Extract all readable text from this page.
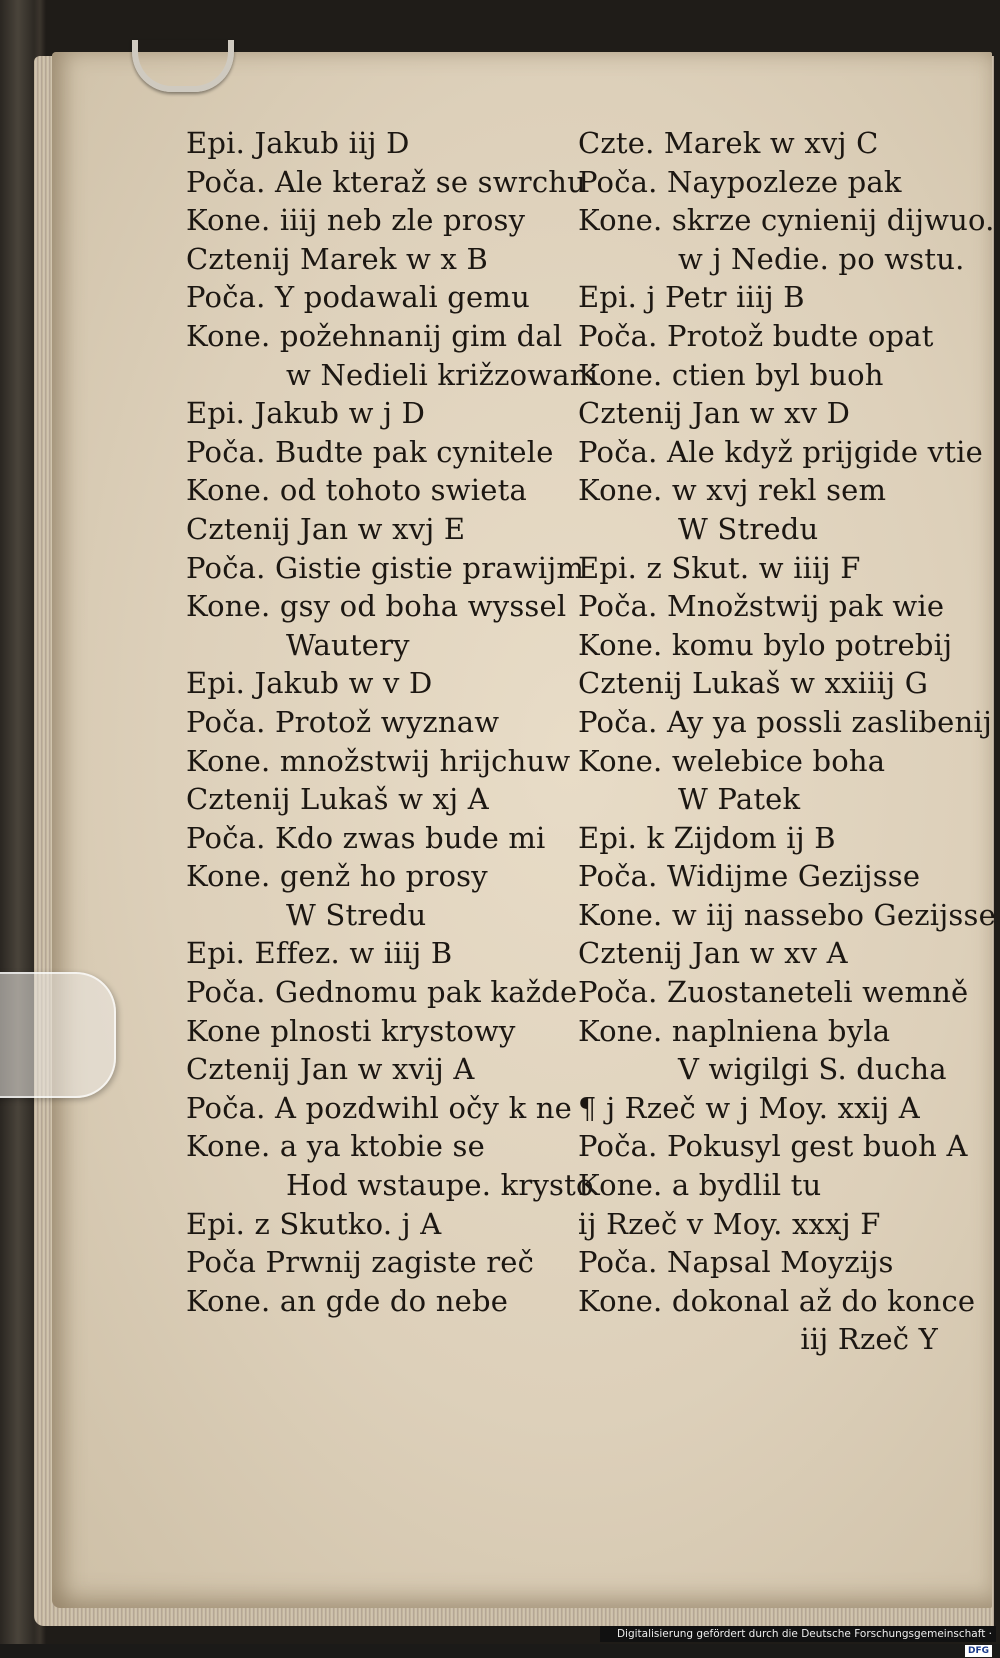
Epi. Jakub iij D
Poča. Ale kteraž se swrchu
Kone. iiij neb zle prosy
Cztenij Marek w x B
Poča. Y podawali gemu
Kone. požehnanij gim dal
w Nedieli križzowani
Epi. Jakub w j D
Poča. Budte pak cynitele
Kone. od tohoto swieta
Cztenij Jan w xvj E
Poča. Gistie gistie prawijm
Kone. gsy od boha wyssel
Wautery
Epi. Jakub w v D
Poča. Protož wyznaw
Kone. množstwij hrijchuw
Cztenij Lukaš w xj A
Poča. Kdo zwas bude mi
Kone. genž ho prosy
W Stredu
Epi. Effez. w iiij B
Poča. Gednomu pak každe
Kone plnosti krystowy
Cztenij Jan w xvij A
Poča. A pozdwihl očy k ne
Kone. a ya ktobie se
Hod wstaupe. krysto
Epi. z Skutko. j A
Poča Prwnij zagiste reč
Kone. an gde do nebe
Czte. Marek w xvj C
Poča. Naypozleze pak
Kone. skrze cynienij dijwuo.
w j Nedie. po wstu.
Epi. j Petr iiij B
Poča. Protož budte opat
Kone. ctien byl buoh
Cztenij Jan w xv D
Poča. Ale když prijgide vtie
Kone. w xvj rekl sem
W Stredu
Epi. z Skut. w iiij F
Poča. Množstwij pak wie
Kone. komu bylo potrebij
Cztenij Lukaš w xxiiij G
Poča. Ay ya possli zaslibenij
Kone. welebice boha
W Patek
Epi. k Zijdom ij B
Poča. Widijme Gezijsse
Kone. w iij nassebo Gezijsse
Cztenij Jan w xv A
Poča. Zuostaneteli wemně
Kone. naplniena byla
V wigilgi S. ducha
¶ j Rzeč w j Moy. xxij A
Poča. Pokusyl gest buoh A
Kone. a bydlil tu
ij Rzeč v Moy. xxxj F
Poča. Napsal Moyzijs
Kone. dokonal až do konce
iij Rzeč Y
Digitalisierung gefördert durch die Deutsche Forschungsgemeinschaft ·DFG
